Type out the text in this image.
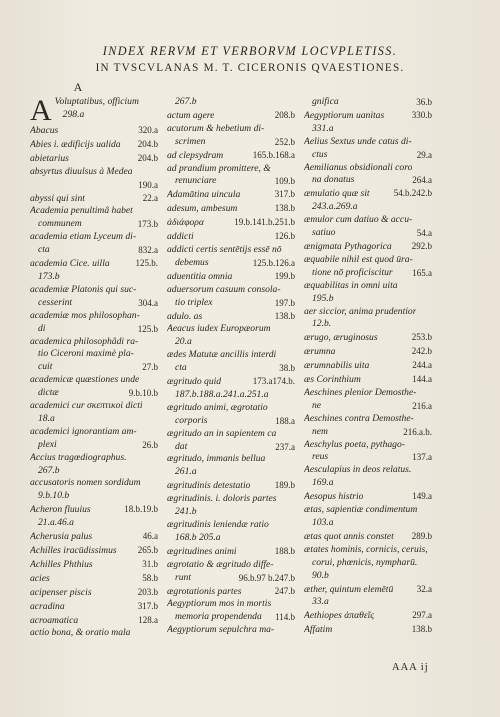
INDEX RERVM ET VERBORVM LOCVPLETISS.
IN TVSCVLANAS M. T. CICERONIS QVAESTIONES.
A
A Voluptatibus, officium
298.a
Abacus	320.a
Abies i. ædificijs ualida	204.b
abietarius	204.b
absyrtus diuulsus à Medea
190.a
abyssi qui sint	22.a
Academia penultimâ habet
communem	173.b
academia etiam Lyceum di-
cta	832.a
academia Cice. uilla	125.b.
173.b
academiæ Platonis qui suc-
cesserint	304.a
academiæ mos philosophan-
di	125.b
academica philosophâdi ra-
tio Ciceroni maximè pla-
cuit	27.b
academicæ quæstiones unde
dictæ	9.b.10.b
academici cur σκεπτικοὶ dicti
18.a
academici ignorantiam am-
plexi	26.b
Accius tragœdiographus.
267.b
accusatoris nomen sordidum
9.b.10.b
Acheron fluuius	18.b.19.b
21.a.46.a
Acherusia palus	46.a
Achilles iracūdissimus	265.b
Achilles Phthius	31.b
acies	58.b
acipenser piscis	203.b
acradina	317.b
acroamatica	128.a
actio bona, & oratio mala
267.b
actum agere	208.b
acutorum & hebetium di-
scrimen	252.b
ad clepsydram	165.b.168.a
ad prandium promittere, &
renunciare	109.b
Adamātina uincula	317.b
adesum, ambesum	138.b
ἀδιάφορα	19.b.141.b.251.b
addicti	126.b
addicti certis sentētijs essē nō
debemus	125.b.126.a
aduentitia omnia	199.b
aduersorum casuum consola-
tio triplex	197.b
adulo. as	138.b
Aeacus iudex Europæorum
20.a
ædes Matutæ ancillis interdi
cta	38.b
ægritudo quid	173.a174.b.
187.b.188.a.241.a.251.a
ægritudo animi, ægrotatio
corporis	188.a
ægritudo an in sapientem ca
dat	237.a
ægritudo, immanis bellua
261.a
ægritudinis detestatio	189.b
ægritudinis. i. doloris partes
241.b
ægritudinis leniendæ ratio
168.b 205.a
ægritudines animi	188.b
ægrotatio & ægritudo diffe-
runt	96.b.97 b.247.b
ægrotationis partes	247.b
Aegyptiorum mos in mortis
memoria propendenda 114.b
Aegyptiorum sepulchra ma-
gnifica	36.b
Aegyptiorum uanitas	330.b
331.a
Aelius Sextus unde catus di-
ctus	29.a
Aemilianus obsidionali coro
na donatus	264.a
æmulatio quæ sit	54.b.242.b
243.a.269.a
æmulor cum datiuo & accu-
satiuo	54.a
ænigmata Pythagorica	292.b
æquabile nihil est quod ūra-
tione nō proficiscitur 165.a
æquabilitas in omni uita
195.b
aer siccior, anima prudentior
12.b.
ærugo, æruginosus	253.b
ærumna	242.b
ærumnabilis uita	244.a
æs Corinthium	144.a
Aeschines plenior Demosthe-
ne	216.a
Aeschines contra Demosthe-
nem	216.a.b.
Aeschylus poeta, pythago-
reus	137.a
Aesculapius in deos relatus.
169.a
Aesopus histrio	149.a
ætas, sapientiæ condimentum
103.a
ætas quot annis constet	289.b
ætates hominis, cornicis, ceruis,
corui, phœnicis, nympharū.
90.b
æther, quintum elemētū	32.a
33.a
Aethiopes ἀπαθεῖς	297.a
Affatim	138.b
AAA ij
